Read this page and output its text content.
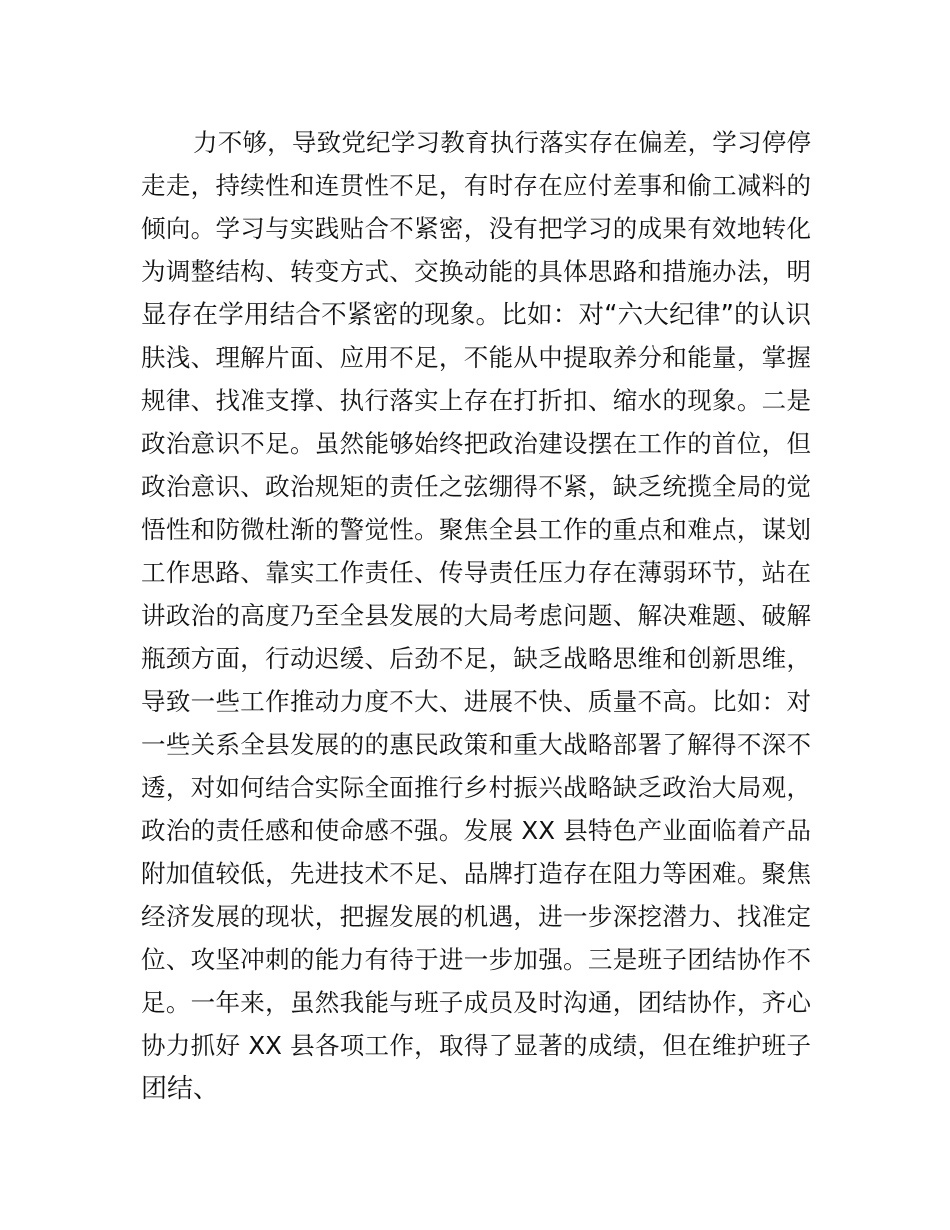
力不够，导致党纪学习教育执行落实存在偏差，学习停停
走走，持续性和连贯性不足，有时存在应付差事和偷工减料的
倾向。学习与实践贴合不紧密，没有把学习的成果有效地转化
为调整结构、转变方式、交换动能的具体思路和措施办法，明
显存在学用结合不紧密的现象。比如：对“六大纪律”的认识
肤浅、理解片面、应用不足，不能从中提取养分和能量，掌握
规律、找准支撑、执行落实上存在打折扣、缩水的现象。二是
政治意识不足。虽然能够始终把政治建设摆在工作的首位，但
政治意识、政治规矩的责任之弦绷得不紧，缺乏统揽全局的觉
悟性和防微杜渐的警觉性。聚焦全县工作的重点和难点，谋划
工作思路、靠实工作责任、传导责任压力存在薄弱环节，站在
讲政治的高度乃至全县发展的大局考虑问题、解决难题、破解
瓶颈方面，行动迟缓、后劲不足，缺乏战略思维和创新思维，
导致一些工作推动力度不大、进展不快、质量不高。比如：对
一些关系全县发展的的惠民政策和重大战略部署了解得不深不
透，对如何结合实际全面推行乡村振兴战略缺乏政治大局观，
政治的责任感和使命感不强。发展 XX 县特色产业面临着产品
附加值较低，先进技术不足、品牌打造存在阻力等困难。聚焦
经济发展的现状，把握发展的机遇，进一步深挖潜力、找准定
位、攻坚冲刺的能力有待于进一步加强。三是班子团结协作不
足。一年来，虽然我能与班子成员及时沟通，团结协作，齐心
协力抓好 XX 县各项工作，取得了显著的成绩，但在维护班子
团结、
